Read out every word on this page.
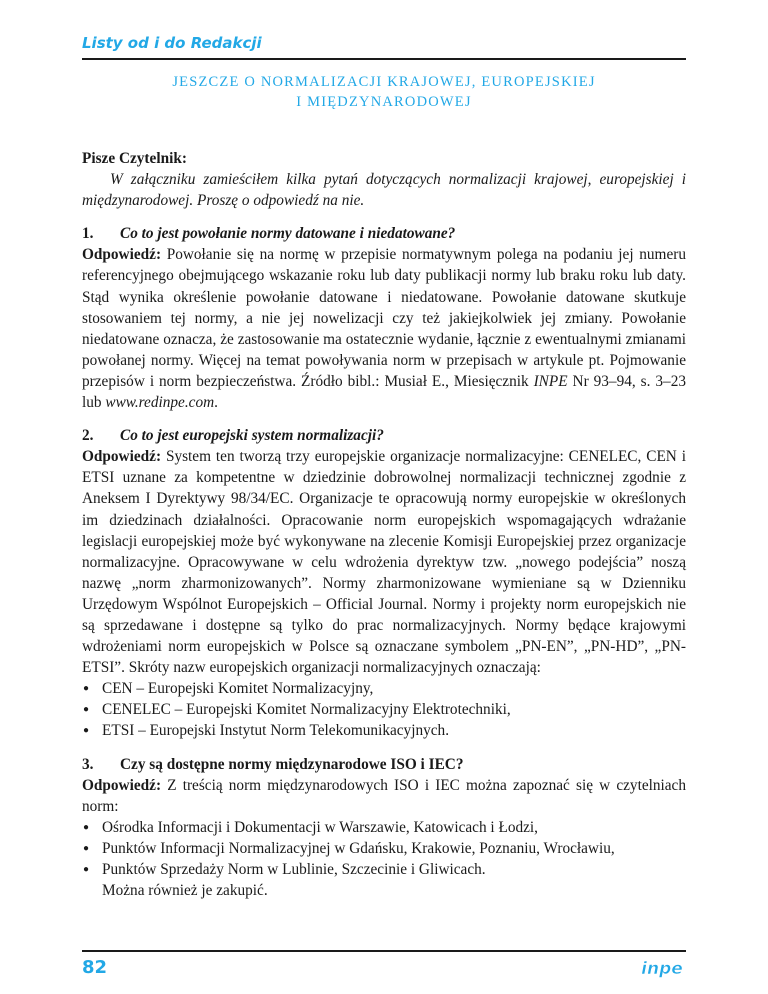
Listy od i do Redakcji
JESZCZE O NORMALIZACJI KRAJOWEJ, EUROPEJSKIEJ
I MIĘDZYNARODOWEJ

Pisze Czytelnik:

W załączniku zamieściłem kilka pytań dotyczących normalizacji krajowej, europejskiej i międzynarodowej. Proszę o odpowiedź na nie.

1.	Co to jest powołanie normy datowane i niedatowane?

Odpowiedź: Powołanie się na normę w przepisie normatywnym polega na podaniu jej numeru referencyjnego obejmującego wskazanie roku lub daty publikacji normy lub braku roku lub daty. Stąd wynika określenie powołanie datowane i niedatowane. Powołanie datowane skutkuje stosowaniem tej normy, a nie jej nowelizacji czy też jakiejkolwiek jej zmiany. Powołanie niedatowane oznacza, że zastosowanie ma ostatecznie wydanie, łącznie z ewentualnymi zmianami powołanej normy. Więcej na temat powoływania norm w przepisach w artykule pt. Pojmowanie przepisów i norm bezpieczeństwa. Źródło bibl.: Musiał E., Miesięcznik INPE Nr 93–94, s. 3–23 lub www.redinpe.com.

2.	Co to jest europejski system normalizacji?

Odpowiedź: System ten tworzą trzy europejskie organizacje normalizacyjne: CENELEC, CEN i ETSI uznane za kompetentne w dziedzinie dobrowolnej normalizacji technicznej zgodnie z Aneksem I Dyrektywy 98/34/EC. Organizacje te opracowują normy europejskie w określonych im dziedzinach działalności. Opracowanie norm europejskich wspomagających wdrażanie legislacji europejskiej może być wykonywane na zlecenie Komisji Europejskiej przez organizacje normalizacyjne. Opracowywane w celu wdrożenia dyrektyw tzw. „nowego podejścia” noszą nazwę „norm zharmonizowanych”. Normy zharmonizowane wymieniane są w Dzienniku Urzędowym Wspólnot Europejskich – Official Journal. Normy i projekty norm europejskich nie są sprzedawane i dostępne są tylko do prac normalizacyjnych. Normy będące krajowymi wdrożeniami norm europejskich w Polsce są oznaczane symbolem „PN-EN”, „PN-HD”, „PN-ETSI”. Skróty nazw europejskich organizacji normalizacyjnych oznaczają:

● CEN – Europejski Komitet Normalizacyjny,
● CENELEC – Europejski Komitet Normalizacyjny Elektrotechniki,
● ETSI – Europejski Instytut Norm Telekomunikacyjnych.
3.	Czy są dostępne normy międzynarodowe ISO i IEC?

Odpowiedź: Z treścią norm międzynarodowych ISO i IEC można zapoznać się w czytelniach norm:

● Ośrodka Informacji i Dokumentacji w Warszawie, Katowicach i Łodzi,
● Punktów Informacji Normalizacyjnej w Gdańsku, Krakowie, Poznaniu, Wrocławiu,
● Punktów Sprzedaży Norm w Lublinie, Szczecinie i Gliwicach.

Można również je zakupić.

82	inpe
